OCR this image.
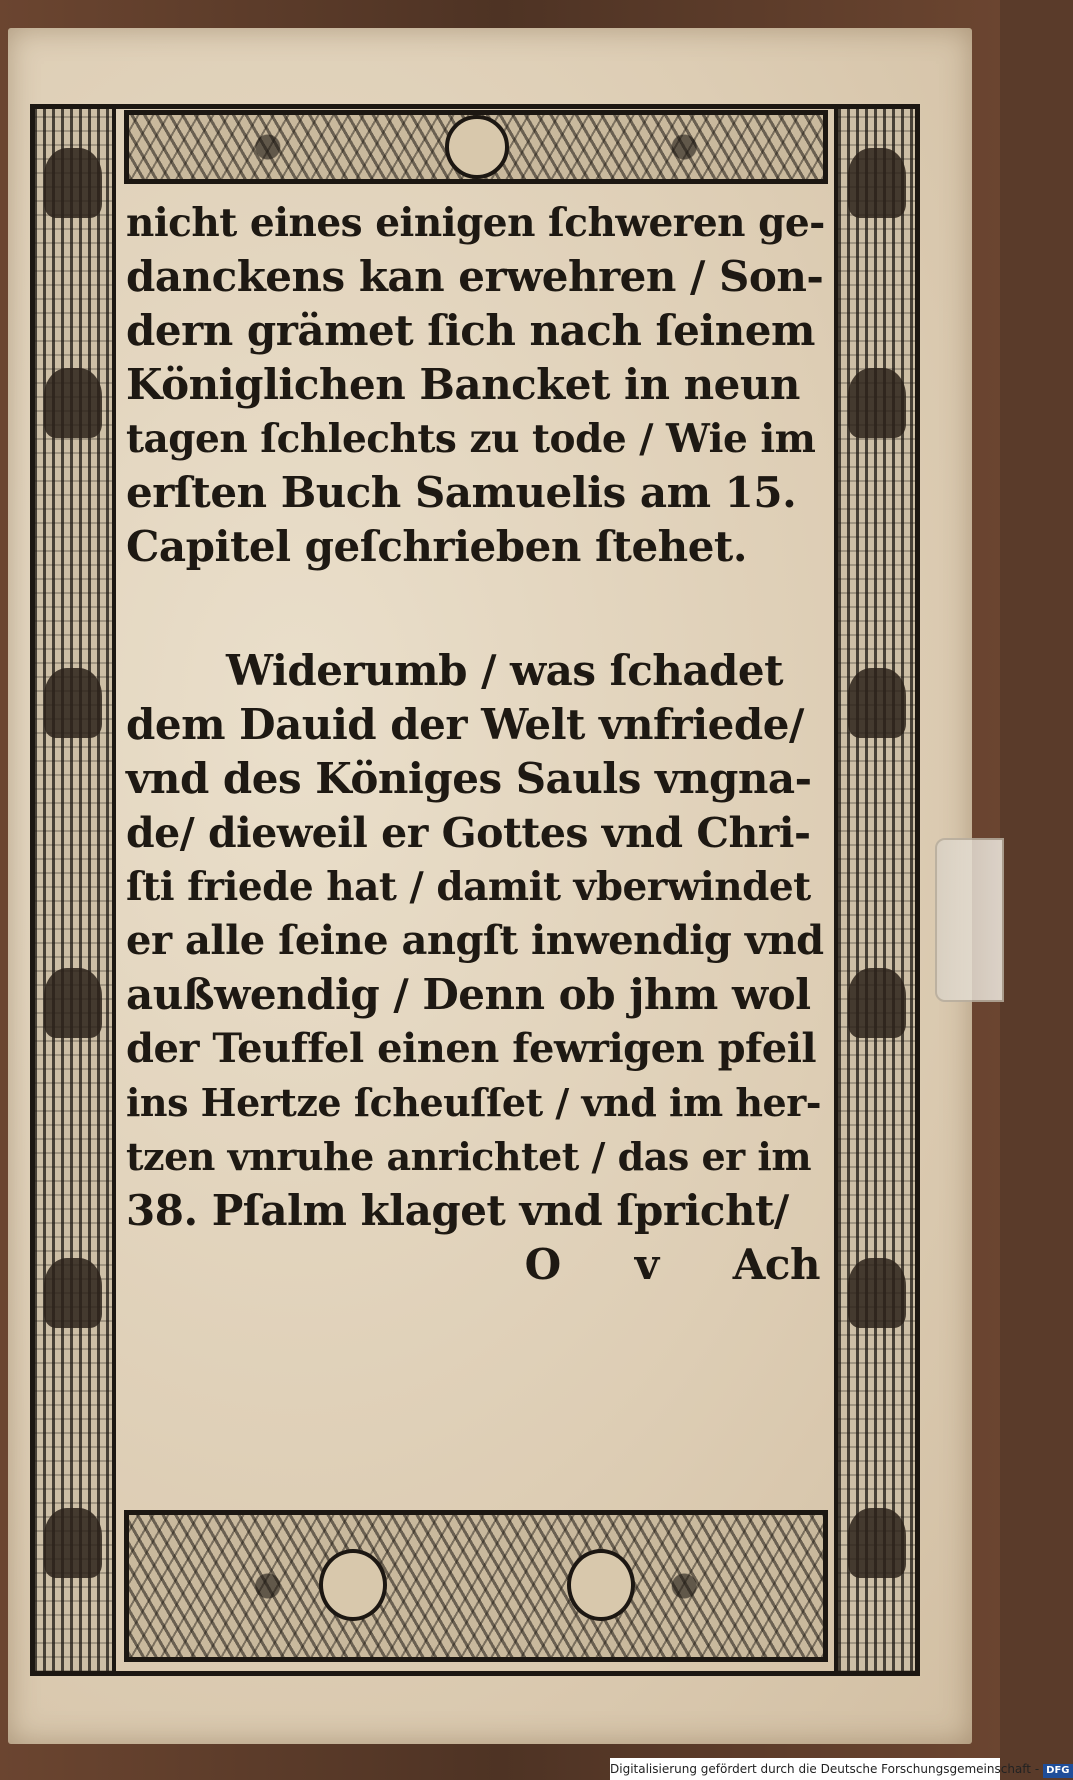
nicht eines einigen ſchweren ge-
danckens kan erwehren / Son-
dern grämet ſich nach ſeinem
Königlichen Bancket in neun
tagen ſchlechts zu tode / Wie im
erſten Buch Samuelis am 15.
Capitel geſchrieben ſtehet.
Widerumb / was ſchadet
dem Dauid der Welt vnfriede/
vnd des Königes Sauls vngna-
de/ dieweil er Gottes vnd Chri-
ſti friede hat / damit vberwindet
er alle ſeine angſt inwendig vnd
außwendig / Denn ob jhm wol
der Teuffel einen fewrigen pfeil
ins Hertze ſcheuſſet / vnd im her-
tzen vnruhe anrichtet / das er im
38. Pſalm klaget vnd ſpricht/
O v Ach
Digitalisierung gefördert durch die Deutsche Forschungsgemeinschaft - DFG
